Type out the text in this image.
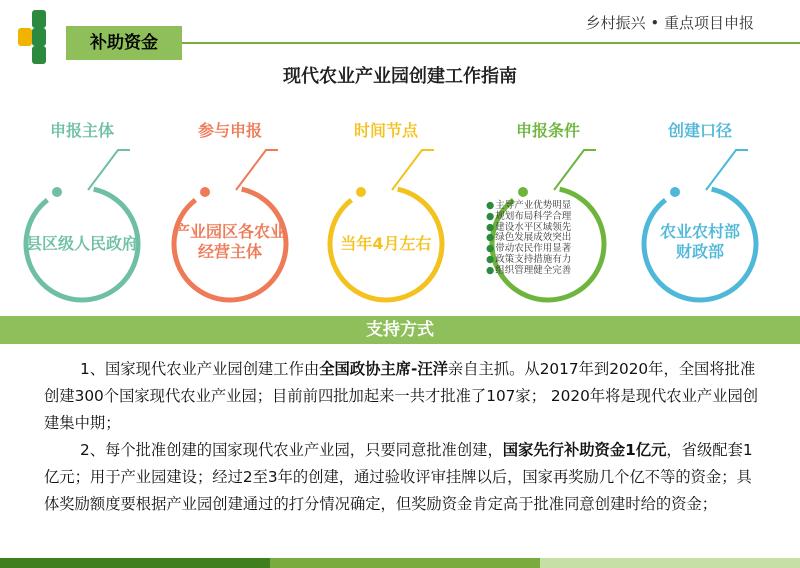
补助资金
乡村振兴 • 重点项目申报
现代农业产业园创建工作指南
申报主体
县区级人民政府
参与申报
产业园区各农业
经营主体
时间节点
当年4月左右
申报条件
●主导产业优势明显
●规划布局科学合理
●建设水平区域领先
●绿色发展成效突出
●带动农民作用显著
●政策支持措施有力
●组织管理健全完善
创建口径
农业农村部
财政部
支持方式

1、国家现代农业产业园创建工作由全国政协主席-汪洋亲自主抓。从2017年到2020年，全国将批准创建300个国家现代农业产业园；目前前四批加起来一共才批准了107家； 2020年将是现代农业产业园创建集中期；

2、每个批准创建的国家现代农业产业园，只要同意批准创建，国家先行补助资金1亿元，省级配套1亿元；用于产业园建设；经过2至3年的创建，通过验收评审挂牌以后，国家再奖励几个亿不等的资金；具体奖励额度要根据产业园创建通过的打分情况确定，但奖励资金肯定高于批准同意创建时给的资金；
